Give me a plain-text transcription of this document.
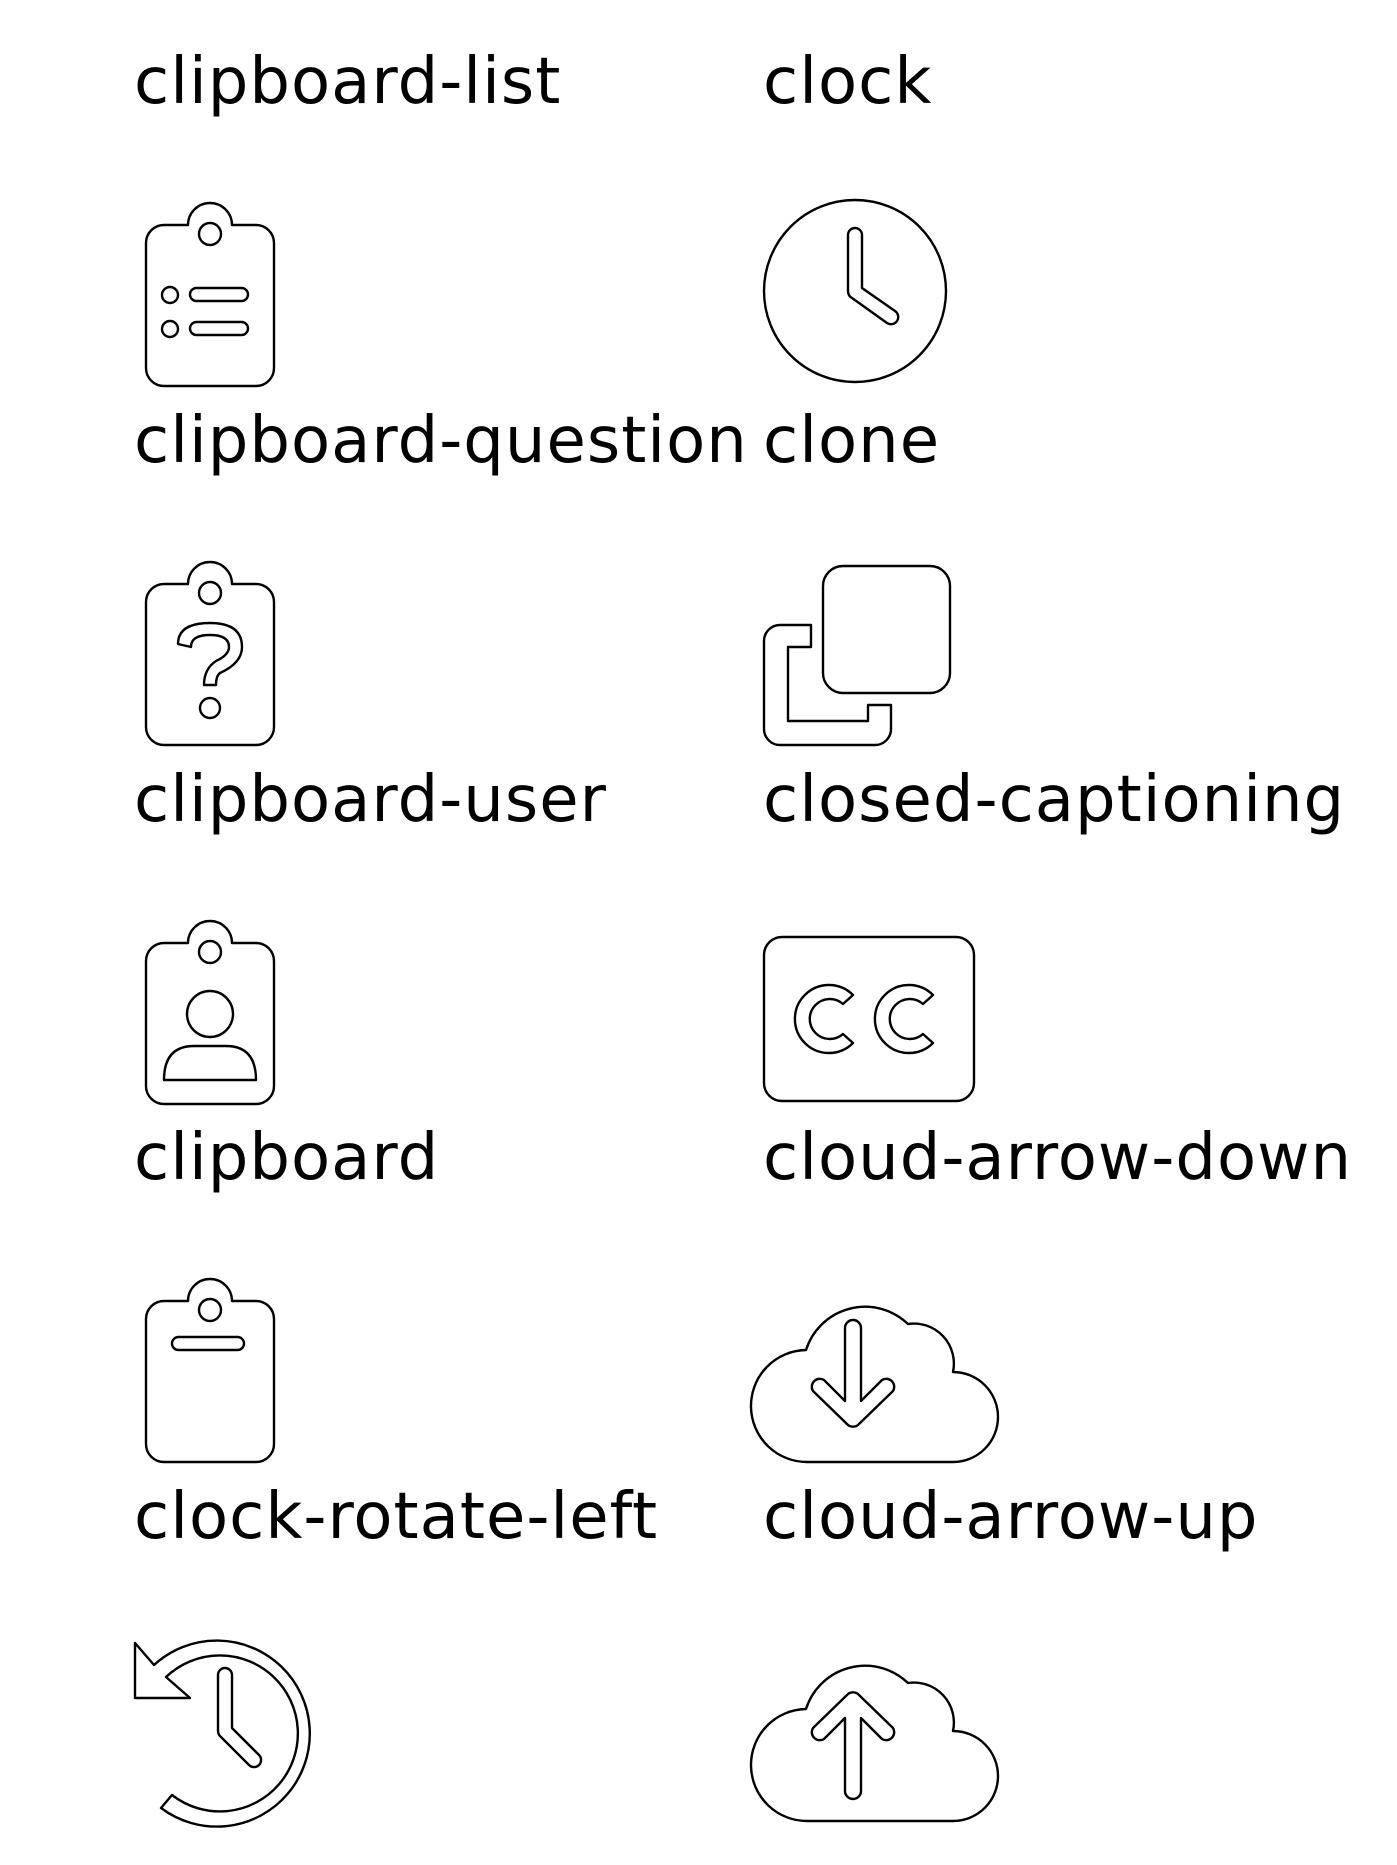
clipboard-list	clock
clipboard-question clone
clipboard-user closed-captioning
clipboard	cloud-arrow-down
clock-rotate-left cloud-arrow-up
